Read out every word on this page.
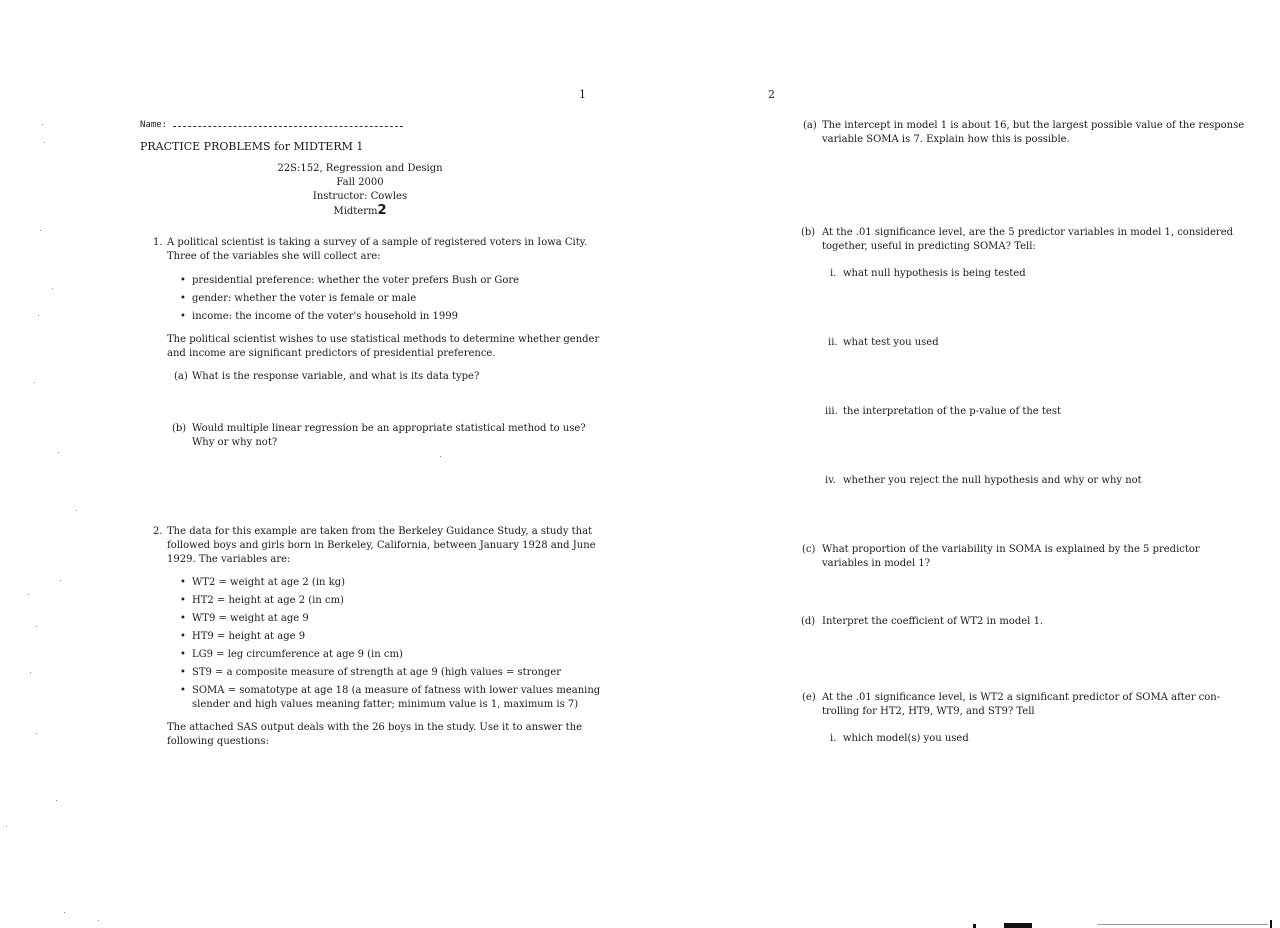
1	2
Name:
PRACTICE PROBLEMS for MIDTERM 1
22S:152, Regression and Design
Fall 2000
Instructor: Cowles
Midterm2
1. A political scientist is taking a survey of a sample of registered voters in Iowa City.
Three of the variables she will collect are:
• presidential preference: whether the voter prefers Bush or Gore
• gender: whether the voter is female or male
• income: the income of the voter's household in 1999
The political scientist wishes to use statistical methods to determine whether gender
and income are significant predictors of presidential preference.
(a) What is the response variable, and what is its data type?
(b) Would multiple linear regression be an appropriate statistical method to use?
Why or why not?
2. The data for this example are taken from the Berkeley Guidance Study, a study that
followed boys and girls born in Berkeley, California, between January 1928 and June
1929. The variables are:
• WT2 = weight at age 2 (in kg)
• HT2 = height at age 2 (in cm)
• WT9 = weight at age 9
• HT9 = height at age 9
• LG9 = leg circumference at age 9 (in cm)
• ST9 = a composite measure of strength at age 9 (high values = stronger
• SOMA = somatotype at age 18 (a measure of fatness with lower values meaning
slender and high values meaning fatter; minimum value is 1, maximum is 7)
The attached SAS output deals with the 26 boys in the study. Use it to answer the
following questions:
(a) The intercept in model 1 is about 16, but the largest possible value of the response
variable SOMA is 7. Explain how this is possible.
(b) At the .01 significance level, are the 5 predictor variables in model 1, considered
together, useful in predicting SOMA? Tell:
i. what null hypothesis is being tested
ii. what test you used
iii. the interpretation of the p-value of the test
iv. whether you reject the null hypothesis and why or why not
(c) What proportion of the variability in SOMA is explained by the 5 predictor
variables in model 1?
(d) Interpret the coefficient of WT2 in model 1.
(e) At the .01 significance level, is WT2 a significant predictor of SOMA after con-
trolling for HT2, HT9, WT9, and ST9? Tell
i. which model(s) you used
